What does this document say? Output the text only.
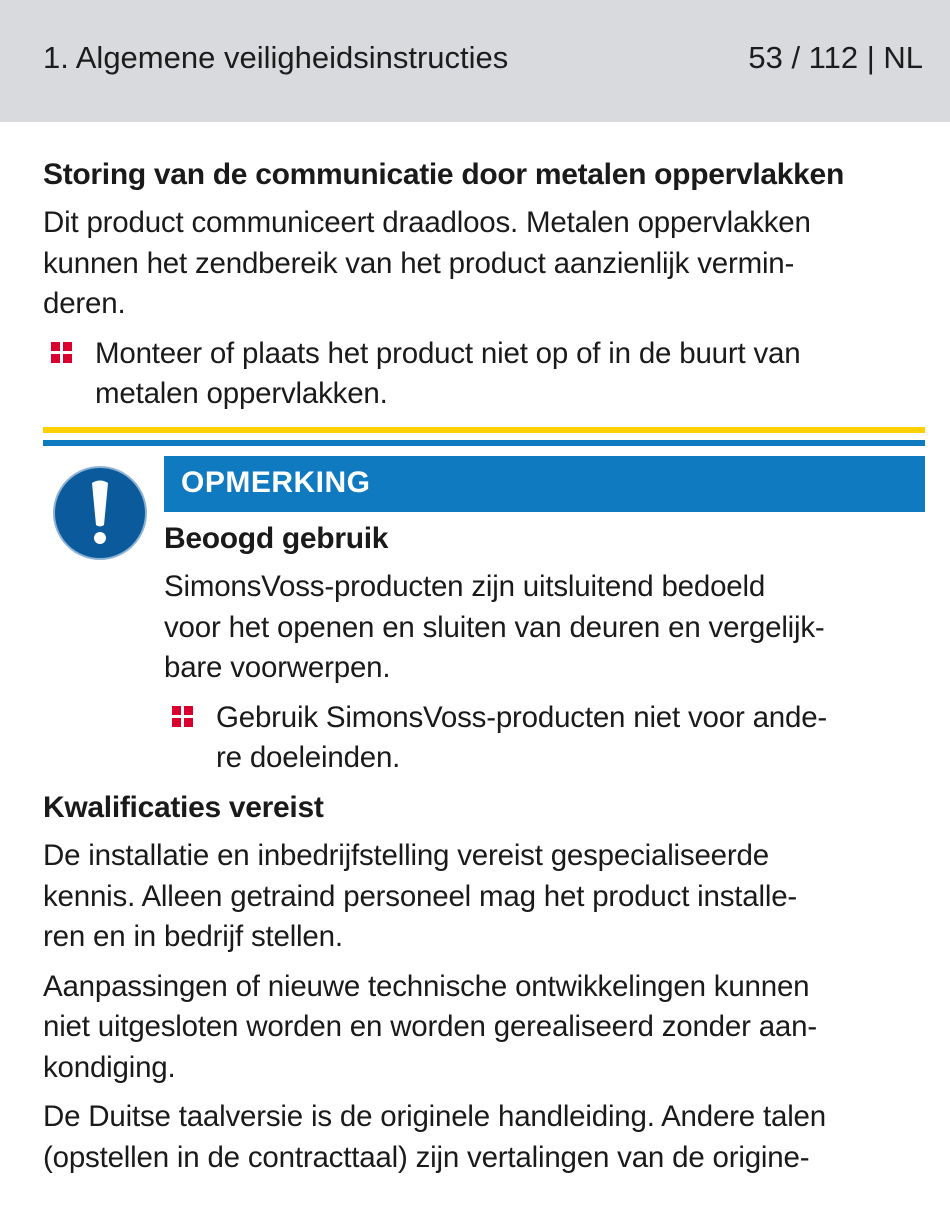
1. Algemene veiligheidsinstructies	53 / 112 | NL
Storing van de communicatie door metalen oppervlakken
Dit product communiceert draadloos. Metalen oppervlakken
kunnen het zendbereik van het product aanzienlijk vermin-
deren.
Monteer of plaats het product niet op of in de buurt van
metalen oppervlakken.
OPMERKING
Beoogd gebruik
SimonsVoss-producten zijn uitsluitend bedoeld
voor het openen en sluiten van deuren en vergelijk-
bare voorwerpen.
Gebruik SimonsVoss-producten niet voor ande-
re doeleinden.
Kwalificaties vereist
De installatie en inbedrijfstelling vereist gespecialiseerde
kennis. Alleen getraind personeel mag het product installe-
ren en in bedrijf stellen.
Aanpassingen of nieuwe technische ontwikkelingen kunnen
niet uitgesloten worden en worden gerealiseerd zonder aan-
kondiging.
De Duitse taalversie is de originele handleiding. Andere talen
(opstellen in de contracttaal) zijn vertalingen van de origine-
